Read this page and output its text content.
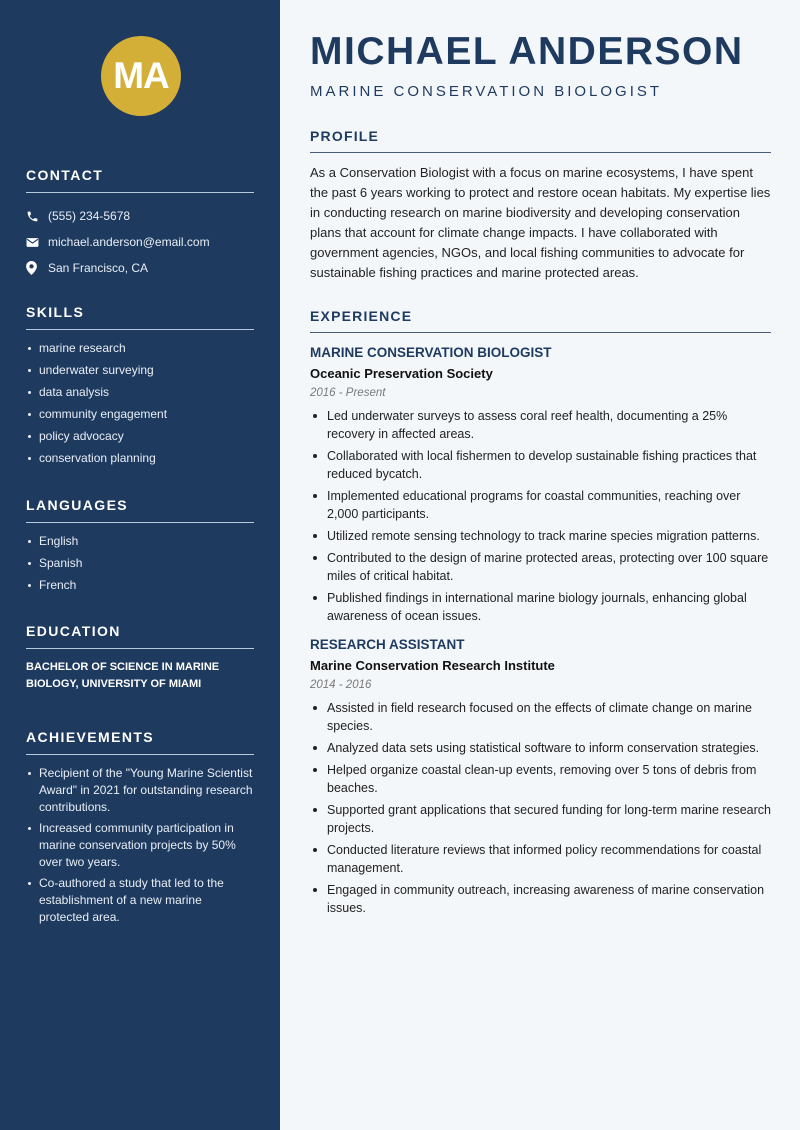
MA
CONTACT
(555) 234-5678
michael.anderson@email.com
San Francisco, CA
SKILLS
marine research
underwater surveying
data analysis
community engagement
policy advocacy
conservation planning
LANGUAGES
English
Spanish
French
EDUCATION
BACHELOR OF SCIENCE IN MARINE BIOLOGY, UNIVERSITY OF MIAMI
ACHIEVEMENTS
Recipient of the "Young Marine Scientist Award" in 2021 for outstanding research contributions.
Increased community participation in marine conservation projects by 50% over two years.
Co-authored a study that led to the establishment of a new marine protected area.
MICHAEL ANDERSON
MARINE CONSERVATION BIOLOGIST
PROFILE

As a Conservation Biologist with a focus on marine ecosystems, I have spent the past 6 years working to protect and restore ocean habitats. My expertise lies in conducting research on marine biodiversity and developing conservation plans that account for climate change impacts. I have collaborated with government agencies, NGOs, and local fishing communities to advocate for sustainable fishing practices and marine protected areas.

EXPERIENCE
MARINE CONSERVATION BIOLOGIST
Oceanic Preservation Society
2016 - Present
Led underwater surveys to assess coral reef health, documenting a 25% recovery in affected areas.
Collaborated with local fishermen to develop sustainable fishing practices that reduced bycatch.
Implemented educational programs for coastal communities, reaching over 2,000 participants.
Utilized remote sensing technology to track marine species migration patterns.
Contributed to the design of marine protected areas, protecting over 100 square miles of critical habitat.
Published findings in international marine biology journals, enhancing global awareness of ocean issues.
RESEARCH ASSISTANT
Marine Conservation Research Institute
2014 - 2016
Assisted in field research focused on the effects of climate change on marine species.
Analyzed data sets using statistical software to inform conservation strategies.
Helped organize coastal clean-up events, removing over 5 tons of debris from beaches.
Supported grant applications that secured funding for long-term marine research projects.
Conducted literature reviews that informed policy recommendations for coastal management.
Engaged in community outreach, increasing awareness of marine conservation issues.
